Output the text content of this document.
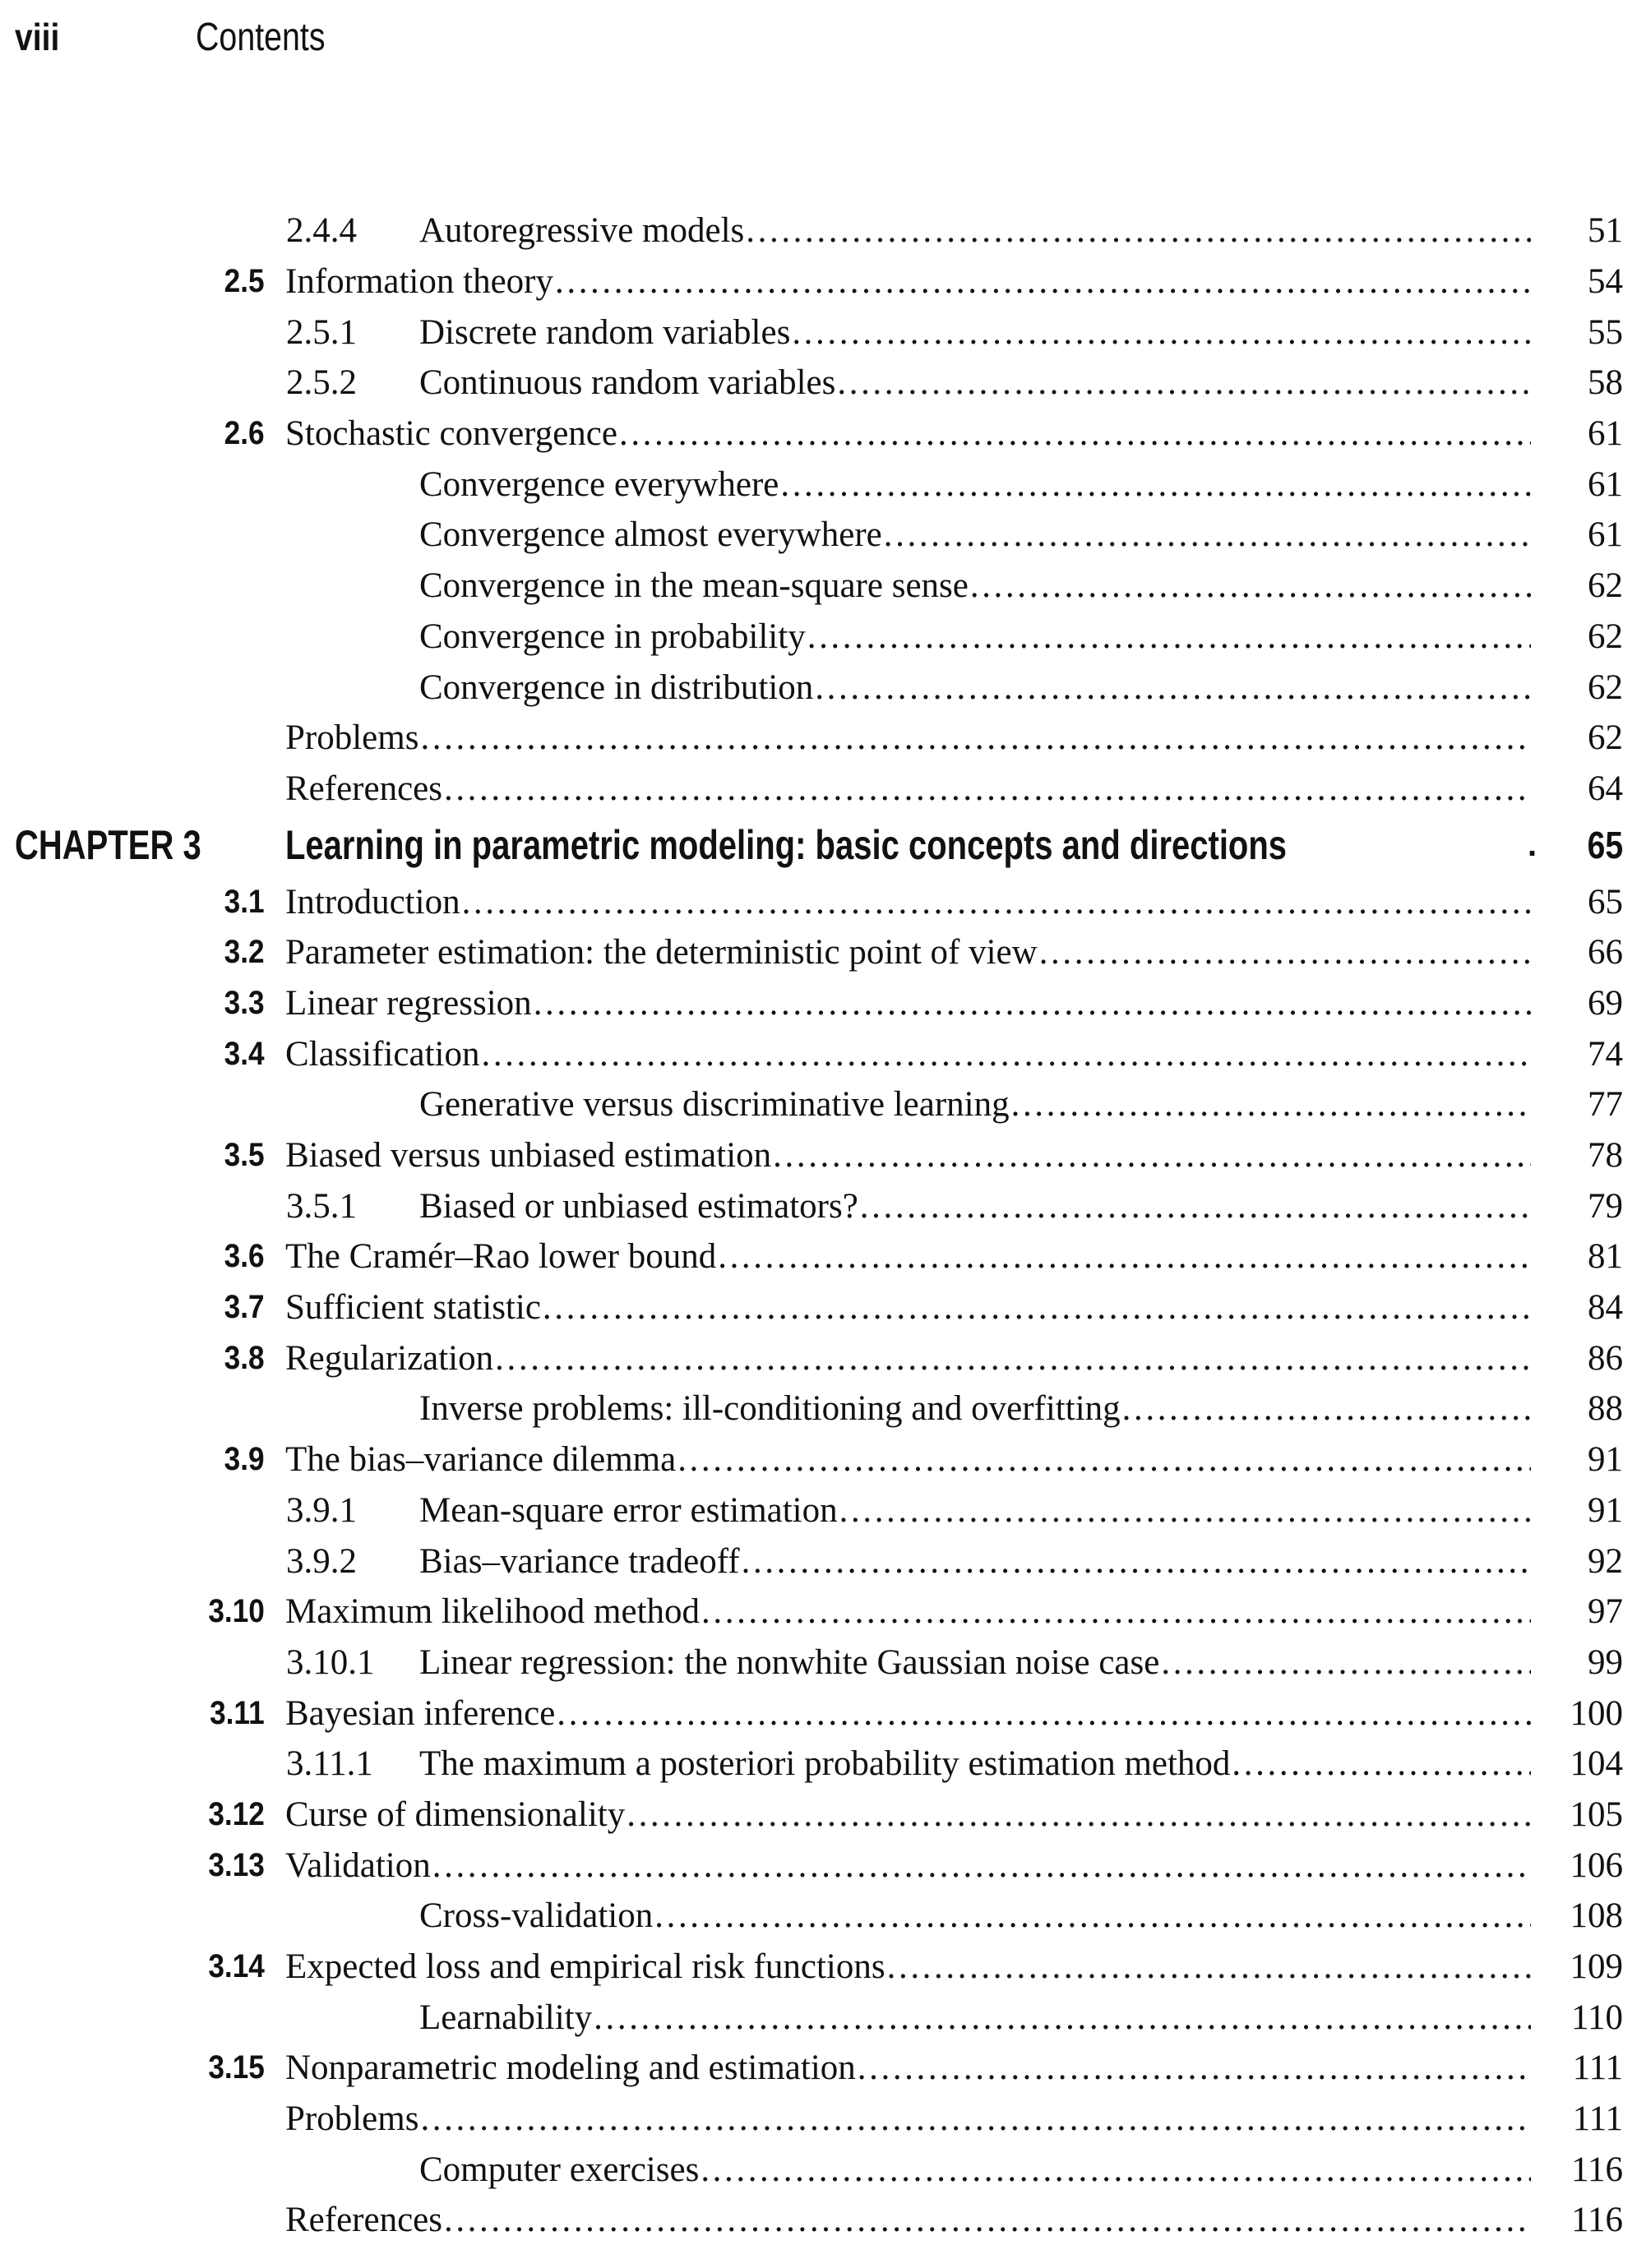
viii	Contents
2.4.4 Autoregressive models .....	51
2.5 Information theory .....	54
2.5.1 Discrete random variables .....	55
2.5.2 Continuous random variables .....	58
2.6 Stochastic convergence .....	61
Convergence everywhere .....	61
Convergence almost everywhere .....	61
Convergence in the mean-square sense .....	62
Convergence in probability .....	62
Convergence in distribution .....	62
Problems .....	62
References .....	64
CHAPTER 3 Learning in parametric modeling: basic concepts and directions	. 65
3.1 Introduction .....	65
3.2 Parameter estimation: the deterministic point of view .....	66
3.3 Linear regression .....	69
3.4 Classification .....	74
Generative versus discriminative learning .....	77
3.5 Biased versus unbiased estimation .....	78
3.5.1 Biased or unbiased estimators? .....	79
3.6 The Cramér–Rao lower bound .....	81
3.7 Sufficient statistic .....	84
3.8 Regularization .....	86
Inverse problems: ill-conditioning and overfitting .....	88
3.9 The bias–variance dilemma .....	91
3.9.1 Mean-square error estimation .....	91
3.9.2 Bias–variance tradeoff .....	92
3.10 Maximum likelihood method .....	97
3.10.1 Linear regression: the nonwhite Gaussian noise case .....	99
3.11 Bayesian inference .....	100
3.11.1 The maximum a posteriori probability estimation method .....	104
3.12 Curse of dimensionality .....	105
3.13 Validation .....	106
Cross-validation .....	108
3.14 Expected loss and empirical risk functions .....	109
Learnability .....	110
3.15 Nonparametric modeling and estimation .....	111
Problems .....	111
Computer exercises .....	116
References .....	116
